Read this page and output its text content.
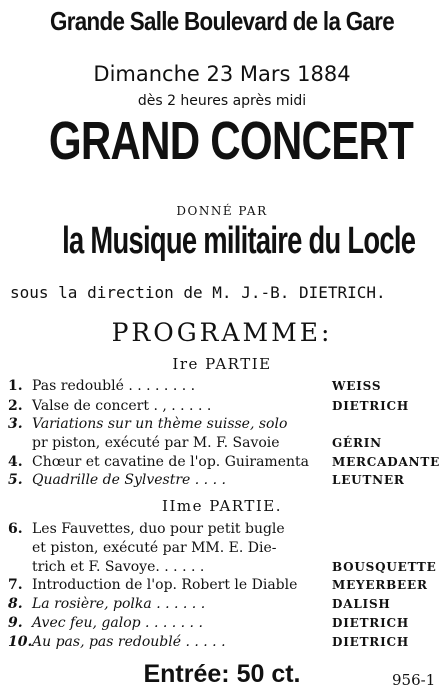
Grande Salle Boulevard de la Gare
Dimanche 23 Mars 1884
dès 2 heures après midi
GRAND CONCERT
DONNÉ PAR
la Musique militaire du Locle
sous la direction de M. J.-B. DIETRICH.
PROGRAMME:
Ire PARTIE
IIme PARTIE.
1. Pas redoublé . . . . . . . .	WEISS
2. Valse de concert . , . . . . .	DIETRICH
3. Variations sur un thème suisse, solo
pr piston, exécuté par M. F. Savoie	GÉRIN
4. Chœur et cavatine de l'op. Guiramenta	MERCADANTE
5. Quadrille de Sylvestre . . . .	LEUTNER
6. Les Fauvettes, duo pour petit bugle
et piston, exécuté par MM. E. Die-
trich et F. Savoye. . . . . .	BOUSQUETTE
7. Introduction de l'op. Robert le Diable	MEYERBEER
8. La rosière, polka . . . . . .	DALISH
9. Avec feu, galop . . . . . . .	DIETRICH
10.Au pas, pas redoublé . . . . .	DIETRICH
Entrée: 50 ct.	956-1
